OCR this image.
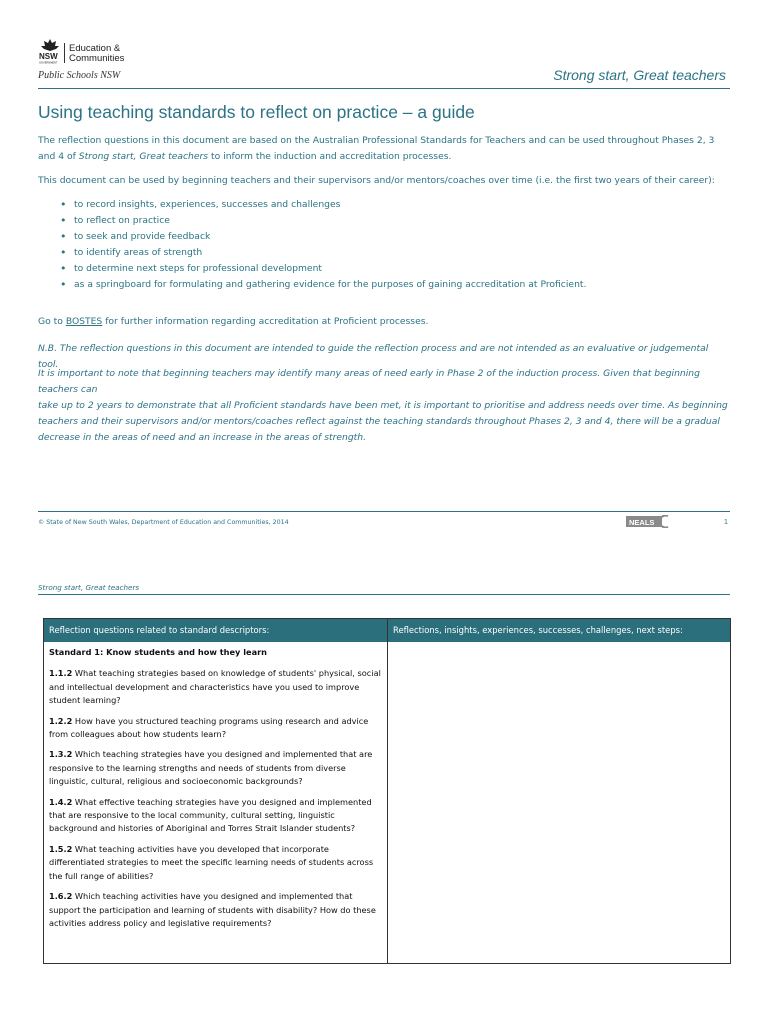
NSW
GOVERNMENT
Education &
Communities
Public Schools NSW	Strong start, Great teachers
Using teaching standards to reflect on practice – a guide
The reflection questions in this document are based on the Australian Professional Standards for Teachers and can be used throughout Phases 2, 3 and 4 of Strong start, Great teachers to inform the induction and accreditation processes.
This document can be used by beginning teachers and their supervisors and/or mentors/coaches over time (i.e. the first two years of their career):
• to record insights, experiences, successes and challenges
• to reflect on practice
• to seek and provide feedback
• to identify areas of strength
• to determine next steps for professional development
• as a springboard for formulating and gathering evidence for the purposes of gaining accreditation at Proficient.
Go to BOSTES for further information regarding accreditation at Proficient processes.
N.B. The reflection questions in this document are intended to guide the reflection process and are not intended as an evaluative or judgemental tool.
It is important to note that beginning teachers may identify many areas of need early in Phase 2 of the induction process. Given that beginning teachers can
take up to 2 years to demonstrate that all Proficient standards have been met, it is important to prioritise and address needs over time. As beginning
teachers and their supervisors and/or mentors/coaches reflect against the teaching standards throughout Phases 2, 3 and 4, there will be a gradual
decrease in the areas of need and an increase in the areas of strength.
© State of New South Wales, Department of Education and Communities, 2014	NEALS	1
Strong start, Great teachers
Reflection questions related to standard descriptors:	Reflections, insights, experiences, successes, challenges, next steps:
Standard 1: Know students and how they learn
1.1.2 What teaching strategies based on knowledge of students' physical, social and intellectual development and characteristics have you used to improve student learning?
1.2.2 How have you structured teaching programs using research and advice from colleagues about how students learn?
1.3.2 Which teaching strategies have you designed and implemented that are responsive to the learning strengths and needs of students from diverse linguistic, cultural, religious and socioeconomic backgrounds?
1.4.2 What effective teaching strategies have you designed and implemented that are responsive to the local community, cultural setting, linguistic background and histories of Aboriginal and Torres Strait Islander students?
1.5.2 What teaching activities have you developed that incorporate differentiated strategies to meet the specific learning needs of students across the full range of abilities?
1.6.2 Which teaching activities have you designed and implemented that support the participation and learning of students with disability? How do these activities address policy and legislative requirements?
